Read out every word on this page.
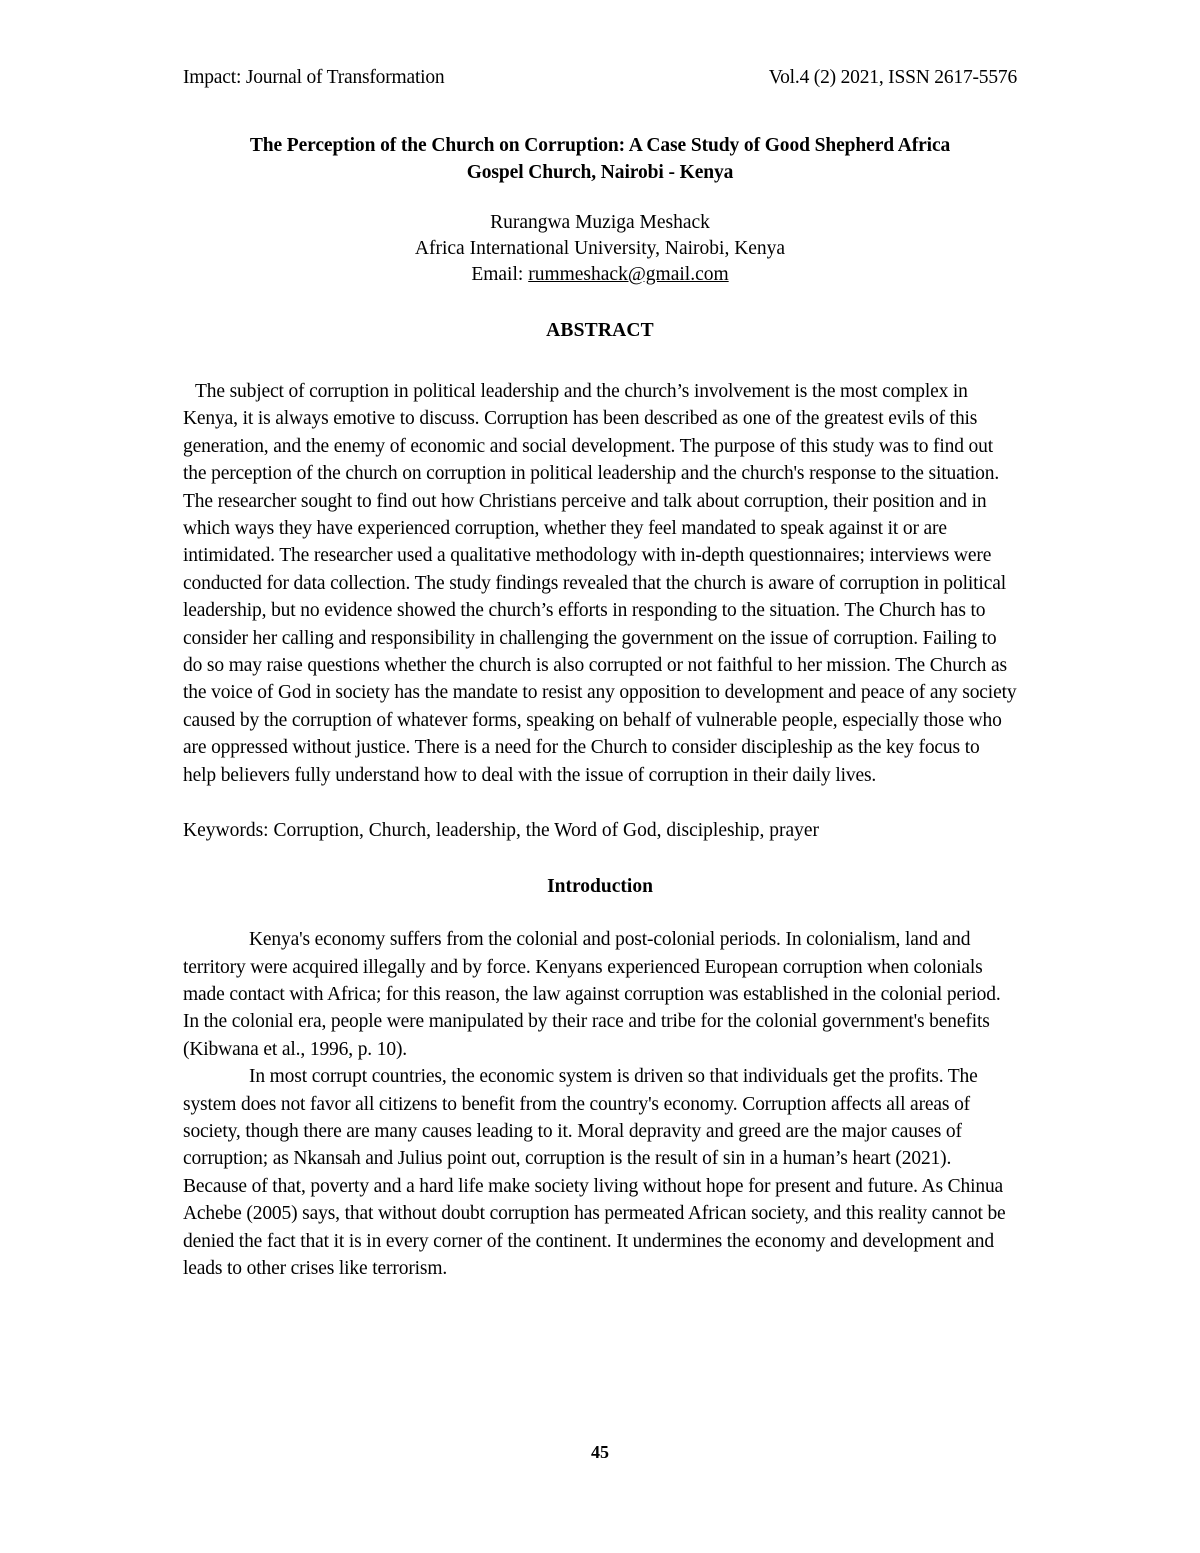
Impact: Journal of Transformation	Vol.4 (2) 2021, ISSN 2617-5576
The Perception of the Church on Corruption: A Case Study of Good Shepherd Africa
Gospel Church, Nairobi - Kenya
Rurangwa Muziga Meshack
Africa International University, Nairobi, Kenya
Email: rummeshack@gmail.com
ABSTRACT

The subject of corruption in political leadership and the church’s involvement is the most complex in Kenya, it is always emotive to discuss. Corruption has been described as one of the greatest evils of this generation, and the enemy of economic and social development. The purpose of this study was to find out the perception of the church on corruption in political leadership and the church's response to the situation. The researcher sought to find out how Christians perceive and talk about corruption, their position and in which ways they have experienced corruption, whether they feel mandated to speak against it or are intimidated. The researcher used a qualitative methodology with in-depth questionnaires; interviews were conducted for data collection. The study findings revealed that the church is aware of corruption in political leadership, but no evidence showed the church’s efforts in responding to the situation. The Church has to consider her calling and responsibility in challenging the government on the issue of corruption. Failing to do so may raise questions whether the church is also corrupted or not faithful to her mission. The Church as the voice of God in society has the mandate to resist any opposition to development and peace of any society caused by the corruption of whatever forms, speaking on behalf of vulnerable people, especially those who are oppressed without justice. There is a need for the Church to consider discipleship as the key focus to help believers fully understand how to deal with the issue of corruption in their daily lives.

Keywords: Corruption, Church, leadership, the Word of God, discipleship, prayer
Introduction

Kenya's economy suffers from the colonial and post-colonial periods. In colonialism, land and territory were acquired illegally and by force. Kenyans experienced European corruption when colonials made contact with Africa; for this reason, the law against corruption was established in the colonial period. In the colonial era, people were manipulated by their race and tribe for the colonial government's benefits (Kibwana et al., 1996, p. 10).

In most corrupt countries, the economic system is driven so that individuals get the profits. The system does not favor all citizens to benefit from the country's economy. Corruption affects all areas of society, though there are many causes leading to it. Moral depravity and greed are the major causes of corruption; as Nkansah and Julius point out, corruption is the result of sin in a human’s heart (2021). Because of that, poverty and a hard life make society living without hope for present and future. As Chinua Achebe (2005) says, that without doubt corruption has permeated African society, and this reality cannot be denied the fact that it is in every corner of the continent. It undermines the economy and development and leads to other crises like terrorism.

45
